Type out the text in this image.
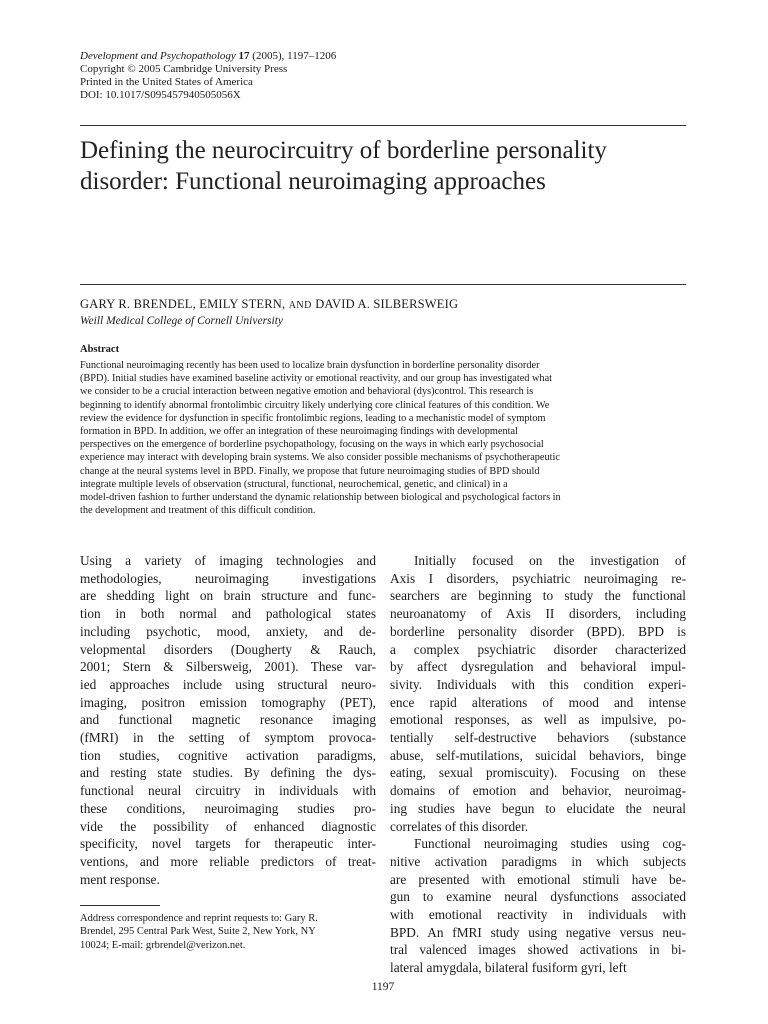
Development and Psychopathology 17 (2005), 1197–1206
Copyright © 2005 Cambridge University Press
Printed in the United States of America
DOI: 10.1017/S095457940505056X
Defining the neurocircuitry of borderline personality disorder: Functional neuroimaging approaches
GARY R. BRENDEL, EMILY STERN, AND DAVID A. SILBERSWEIG
Weill Medical College of Cornell University
Abstract
Functional neuroimaging recently has been used to localize brain dysfunction in borderline personality disorder
(BPD). Initial studies have examined baseline activity or emotional reactivity, and our group has investigated what
we consider to be a crucial interaction between negative emotion and behavioral (dys)control. This research is
beginning to identify abnormal frontolimbic circuitry likely underlying core clinical features of this condition. We
review the evidence for dysfunction in specific frontolimbic regions, leading to a mechanistic model of symptom
formation in BPD. In addition, we offer an integration of these neuroimaging findings with developmental
perspectives on the emergence of borderline psychopathology, focusing on the ways in which early psychosocial
experience may interact with developing brain systems. We also consider possible mechanisms of psychotherapeutic
change at the neural systems level in BPD. Finally, we propose that future neuroimaging studies of BPD should
integrate multiple levels of observation (structural, functional, neurochemical, genetic, and clinical) in a
model-driven fashion to further understand the dynamic relationship between biological and psychological factors in
the development and treatment of this difficult condition.
Using a variety of imaging technologies and
methodologies, neuroimaging investigations
are shedding light on brain structure and func-
tion in both normal and pathological states
including psychotic, mood, anxiety, and de-
velopmental disorders (Dougherty & Rauch,
2001; Stern & Silbersweig, 2001). These var-
ied approaches include using structural neuro-
imaging, positron emission tomography (PET),
and functional magnetic resonance imaging
(fMRI) in the setting of symptom provoca-
tion studies, cognitive activation paradigms,
and resting state studies. By defining the dys-
functional neural circuitry in individuals with
these conditions, neuroimaging studies pro-
vide the possibility of enhanced diagnostic
specificity, novel targets for therapeutic inter-
ventions, and more reliable predictors of treat-
ment response.
Initially focused on the investigation of
Axis I disorders, psychiatric neuroimaging re-
searchers are beginning to study the functional
neuroanatomy of Axis II disorders, including
borderline personality disorder (BPD). BPD is
a complex psychiatric disorder characterized
by affect dysregulation and behavioral impul-
sivity. Individuals with this condition experi-
ence rapid alterations of mood and intense
emotional responses, as well as impulsive, po-
tentially self-destructive behaviors (substance
abuse, self-mutilations, suicidal behaviors, binge
eating, sexual promiscuity). Focusing on these
domains of emotion and behavior, neuroimag-
ing studies have begun to elucidate the neural
correlates of this disorder.
Functional neuroimaging studies using cog-
nitive activation paradigms in which subjects
are presented with emotional stimuli have be-
gun to examine neural dysfunctions associated
with emotional reactivity in individuals with
BPD. An fMRI study using negative versus neu-
tral valenced images showed activations in bi-
lateral amygdala, bilateral fusiform gyri, left
Address correspondence and reprint requests to: Gary R.
Brendel, 295 Central Park West, Suite 2, New York, NY
10024; E-mail: grbrendel@verizon.net.
1197
